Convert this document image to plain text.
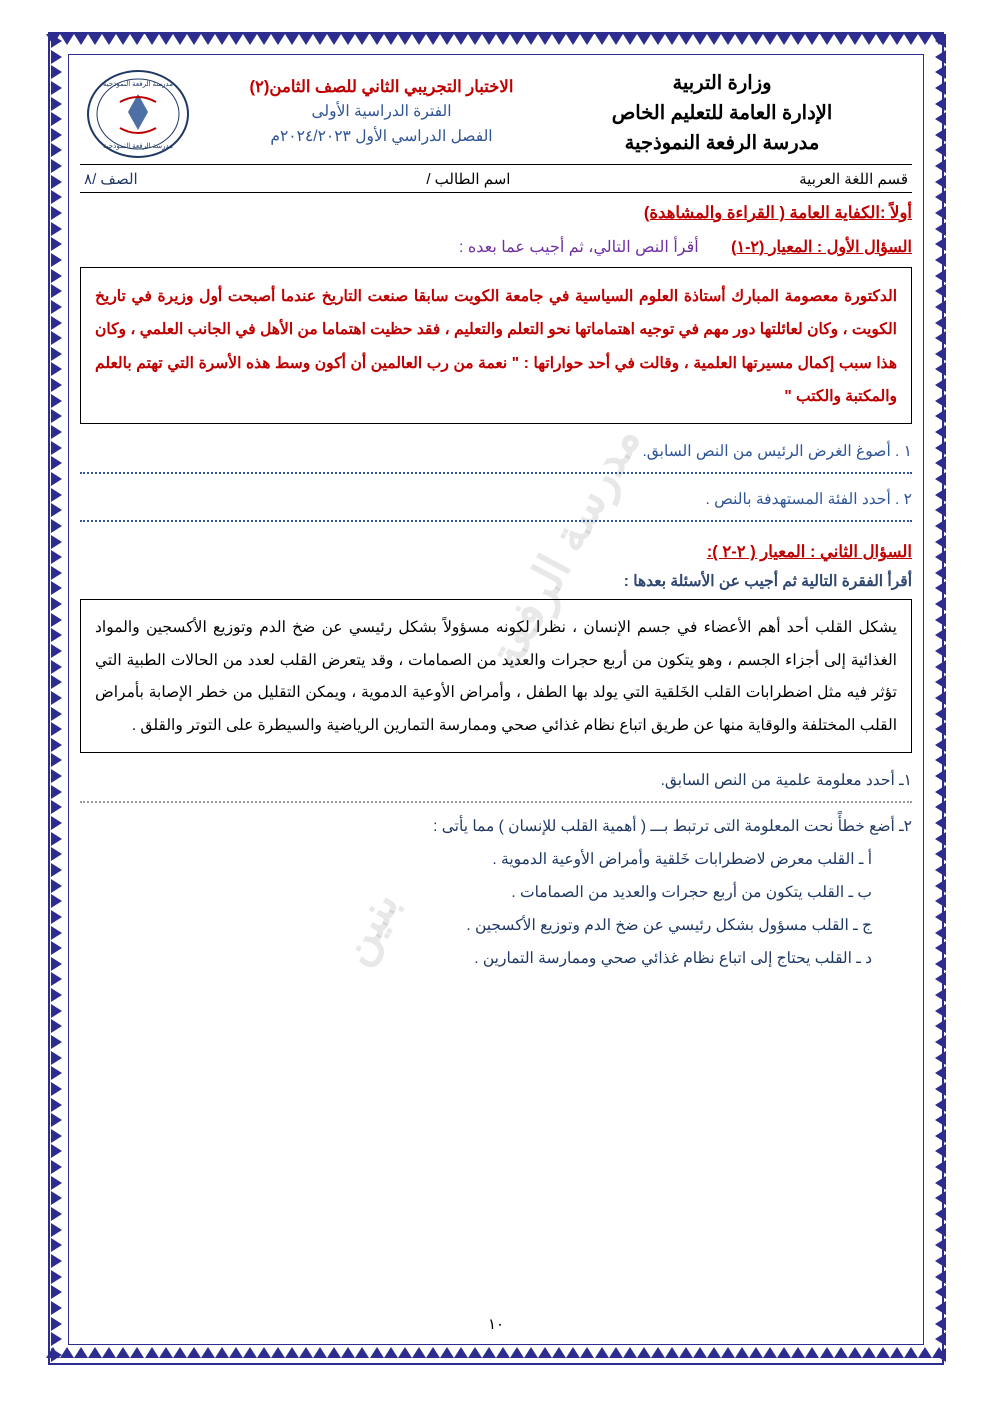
مدرسة الرفعة
بنين
وزارة التربية
الإدارة العامة للتعليم الخاص
مدرسة الرفعة النموذجية
الاختبار التجريبي الثاني للصف الثامن(٢)
الفترة الدراسية الأولى
الفصل الدراسي الأول ٢٠٢٤/٢٠٢٣م
مدرسة الرفعة النموذجية
مدرسة الرفعة النموذجية
قسم اللغة العربية
اسم الطالب /
الصف /٨
أولاً :الكفاية العامة ( القراءة والمشاهدة)
السؤال الأول : المعيار (٢-١) أقرأ النص التالي، ثم أجيب عما بعده :

الدكتورة معصومة المبارك أستاذة العلوم السياسية في جامعة الكويت سابقا صنعت التاريخ عندما أصبحت أول وزيرة في تاريخ الكويت ، وكان لعائلتها دور مهم في توجيه اهتماماتها نحو التعلم والتعليم ، فقد حظيت اهتماما من الأهل في الجانب العلمي ، وكان هذا سبب إكمال مسيرتها العلمية ، وقالت في أحد حواراتها : " نعمة من رب العالمين أن أكون وسط هذه الأسرة التي تهتم بالعلم والمكتبة والكتب "

١ . أصوغ الغرض الرئيس من النص السابق.
٢ . أحدد الفئة المستهدفة بالنص .
السؤال الثاني : المعيار ( ٢-٢ ):
أقرأ الفقرة التالية ثم أجيب عن الأسئلة بعدها :

يشكل القلب أحد أهم الأعضاء في جسم الإنسان ، نظرا لكونه مسؤولاً بشكل رئيسي عن ضخ الدم وتوزيع الأكسجين والمواد الغذائية إلى أجزاء الجسم ، وهو يتكون من أربع حجرات والعديد من الصمامات ، وقد يتعرض القلب لعدد من الحالات الطبية التي تؤثر فيه مثل اضطرابات القلب الخَلقية التي يولد بها الطفل ، وأمراض الأوعية الدموية ، ويمكن التقليل من خطر الإصابة بأمراض القلب المختلفة والوقاية منها عن طريق اتباع نظام غذائي صحي وممارسة التمارين الرياضية والسيطرة على التوتر والقلق .

١ـ أحدد معلومة علمية من النص السابق.
٢ـ أضع خطأً نحت المعلومة التى ترتبط بـــ ( أهمية القلب للإنسان ) مما يأتى :
أ ـ القلب معرض لاضطرابات خَلقية وأمراض الأوعية الدموية .
ب ـ القلب يتكون من أربع حجرات والعديد من الصمامات .
ج ـ القلب مسؤول بشكل رئيسي عن ضخ الدم وتوزيع الأكسجين .
د ـ القلب يحتاج إلى اتباع نظام غذائي صحي وممارسة التمارين .
١٠
